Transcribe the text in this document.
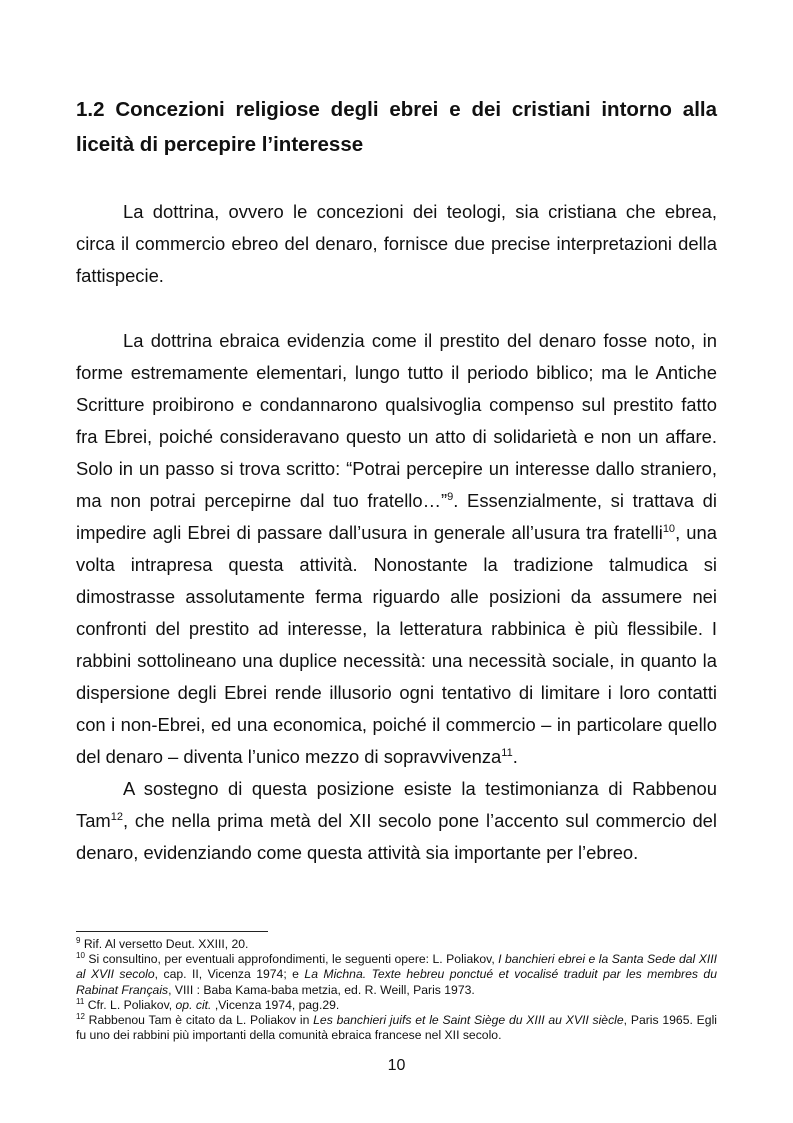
1.2 Concezioni religiose degli ebrei e dei cristiani intorno alla liceità di percepire l’interesse

La dottrina, ovvero le concezioni dei teologi, sia cristiana che ebrea, circa il commercio ebreo del denaro, fornisce due precise interpretazioni della fattispecie.

La dottrina ebraica evidenzia come il prestito del denaro fosse noto, in forme estremamente elementari, lungo tutto il periodo biblico; ma le Antiche Scritture proibirono e condannarono qualsivoglia compenso sul prestito fatto fra Ebrei, poiché consideravano questo un atto di solidarietà e non un affare. Solo in un passo si trova scritto: “Potrai percepire un interesse dallo straniero, ma non potrai percepirne dal tuo fratello…”$^9$. Essenzialmente, si trattava di impedire agli Ebrei di passare dall’usura in generale all’usura tra fratelli$^{10}$, una volta intrapresa questa attività. Nonostante la tradizione talmudica si dimostrasse assolutamente ferma riguardo alle posizioni da assumere nei confronti del prestito ad interesse, la letteratura rabbinica è più flessibile. I rabbini sottolineano una duplice necessità: una necessità sociale, in quanto la dispersione degli Ebrei rende illusorio ogni tentativo di limitare i loro contatti con i non-Ebrei, ed una economica, poiché il commercio – in particolare quello del denaro – diventa l’unico mezzo di sopravvivenza$^{11}$.

A sostegno di questa posizione esiste la testimonianza di Rabbenou Tam$^{12}$, che nella prima metà del XII secolo pone l’accento sul commercio del denaro, evidenziando come questa attività sia importante per l’ebreo.

$^9$ Rif. Al versetto Deut. XXIII, 20.

$^{10}$ Si consultino, per eventuali approfondimenti, le seguenti opere: L. Poliakov, I banchieri ebrei e la Santa Sede dal XIII al XVII secolo, cap. II, Vicenza 1974; e La Michna. Texte hebreu ponctué et vocalisé traduit par les membres du Rabinat Français, VIII : Baba Kama-baba metzia, ed. R. Weill, Paris 1973.

$^{11}$ Cfr. L. Poliakov, op. cit. ,Vicenza 1974, pag.29.

$^{12}$ Rabbenou Tam è citato da L. Poliakov in Les banchieri juifs et le Saint Siège du XIII au XVII siècle, Paris 1965. Egli fu uno dei rabbini più importanti della comunità ebraica francese nel XII secolo.

10
